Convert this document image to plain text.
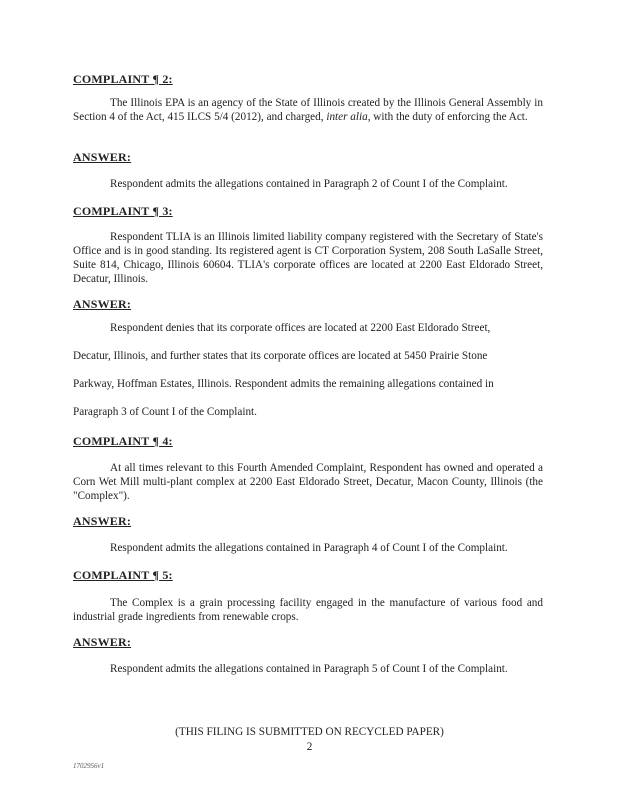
COMPLAINT ¶ 2:
The Illinois EPA is an agency of the State of Illinois created by the Illinois General Assembly in Section 4 of the Act, 415 ILCS 5/4 (2012), and charged, inter alia, with the duty of enforcing the Act.
ANSWER:
Respondent admits the allegations contained in Paragraph 2 of Count I of the Complaint.
COMPLAINT ¶ 3:
Respondent TLIA is an Illinois limited liability company registered with the Secretary of State's Office and is in good standing. Its registered agent is CT Corporation System, 208 South LaSalle Street, Suite 814, Chicago, Illinois 60604. TLIA's corporate offices are located at 2200 East Eldorado Street, Decatur, Illinois.
ANSWER:
Respondent denies that its corporate offices are located at 2200 East Eldorado Street,
Decatur, Illinois, and further states that its corporate offices are located at 5450 Prairie Stone
Parkway, Hoffman Estates, Illinois. Respondent admits the remaining allegations contained in
Paragraph 3 of Count I of the Complaint.
COMPLAINT ¶ 4:
At all times relevant to this Fourth Amended Complaint, Respondent has owned and operated a Corn Wet Mill multi-plant complex at 2200 East Eldorado Street, Decatur, Macon County, Illinois (the "Complex").
ANSWER:
Respondent admits the allegations contained in Paragraph 4 of Count I of the Complaint.
COMPLAINT ¶ 5:
The Complex is a grain processing facility engaged in the manufacture of various food and industrial grade ingredients from renewable crops.
ANSWER:
Respondent admits the allegations contained in Paragraph 5 of Count I of the Complaint.
(THIS FILING IS SUBMITTED ON RECYCLED PAPER)
2
1702956v1
